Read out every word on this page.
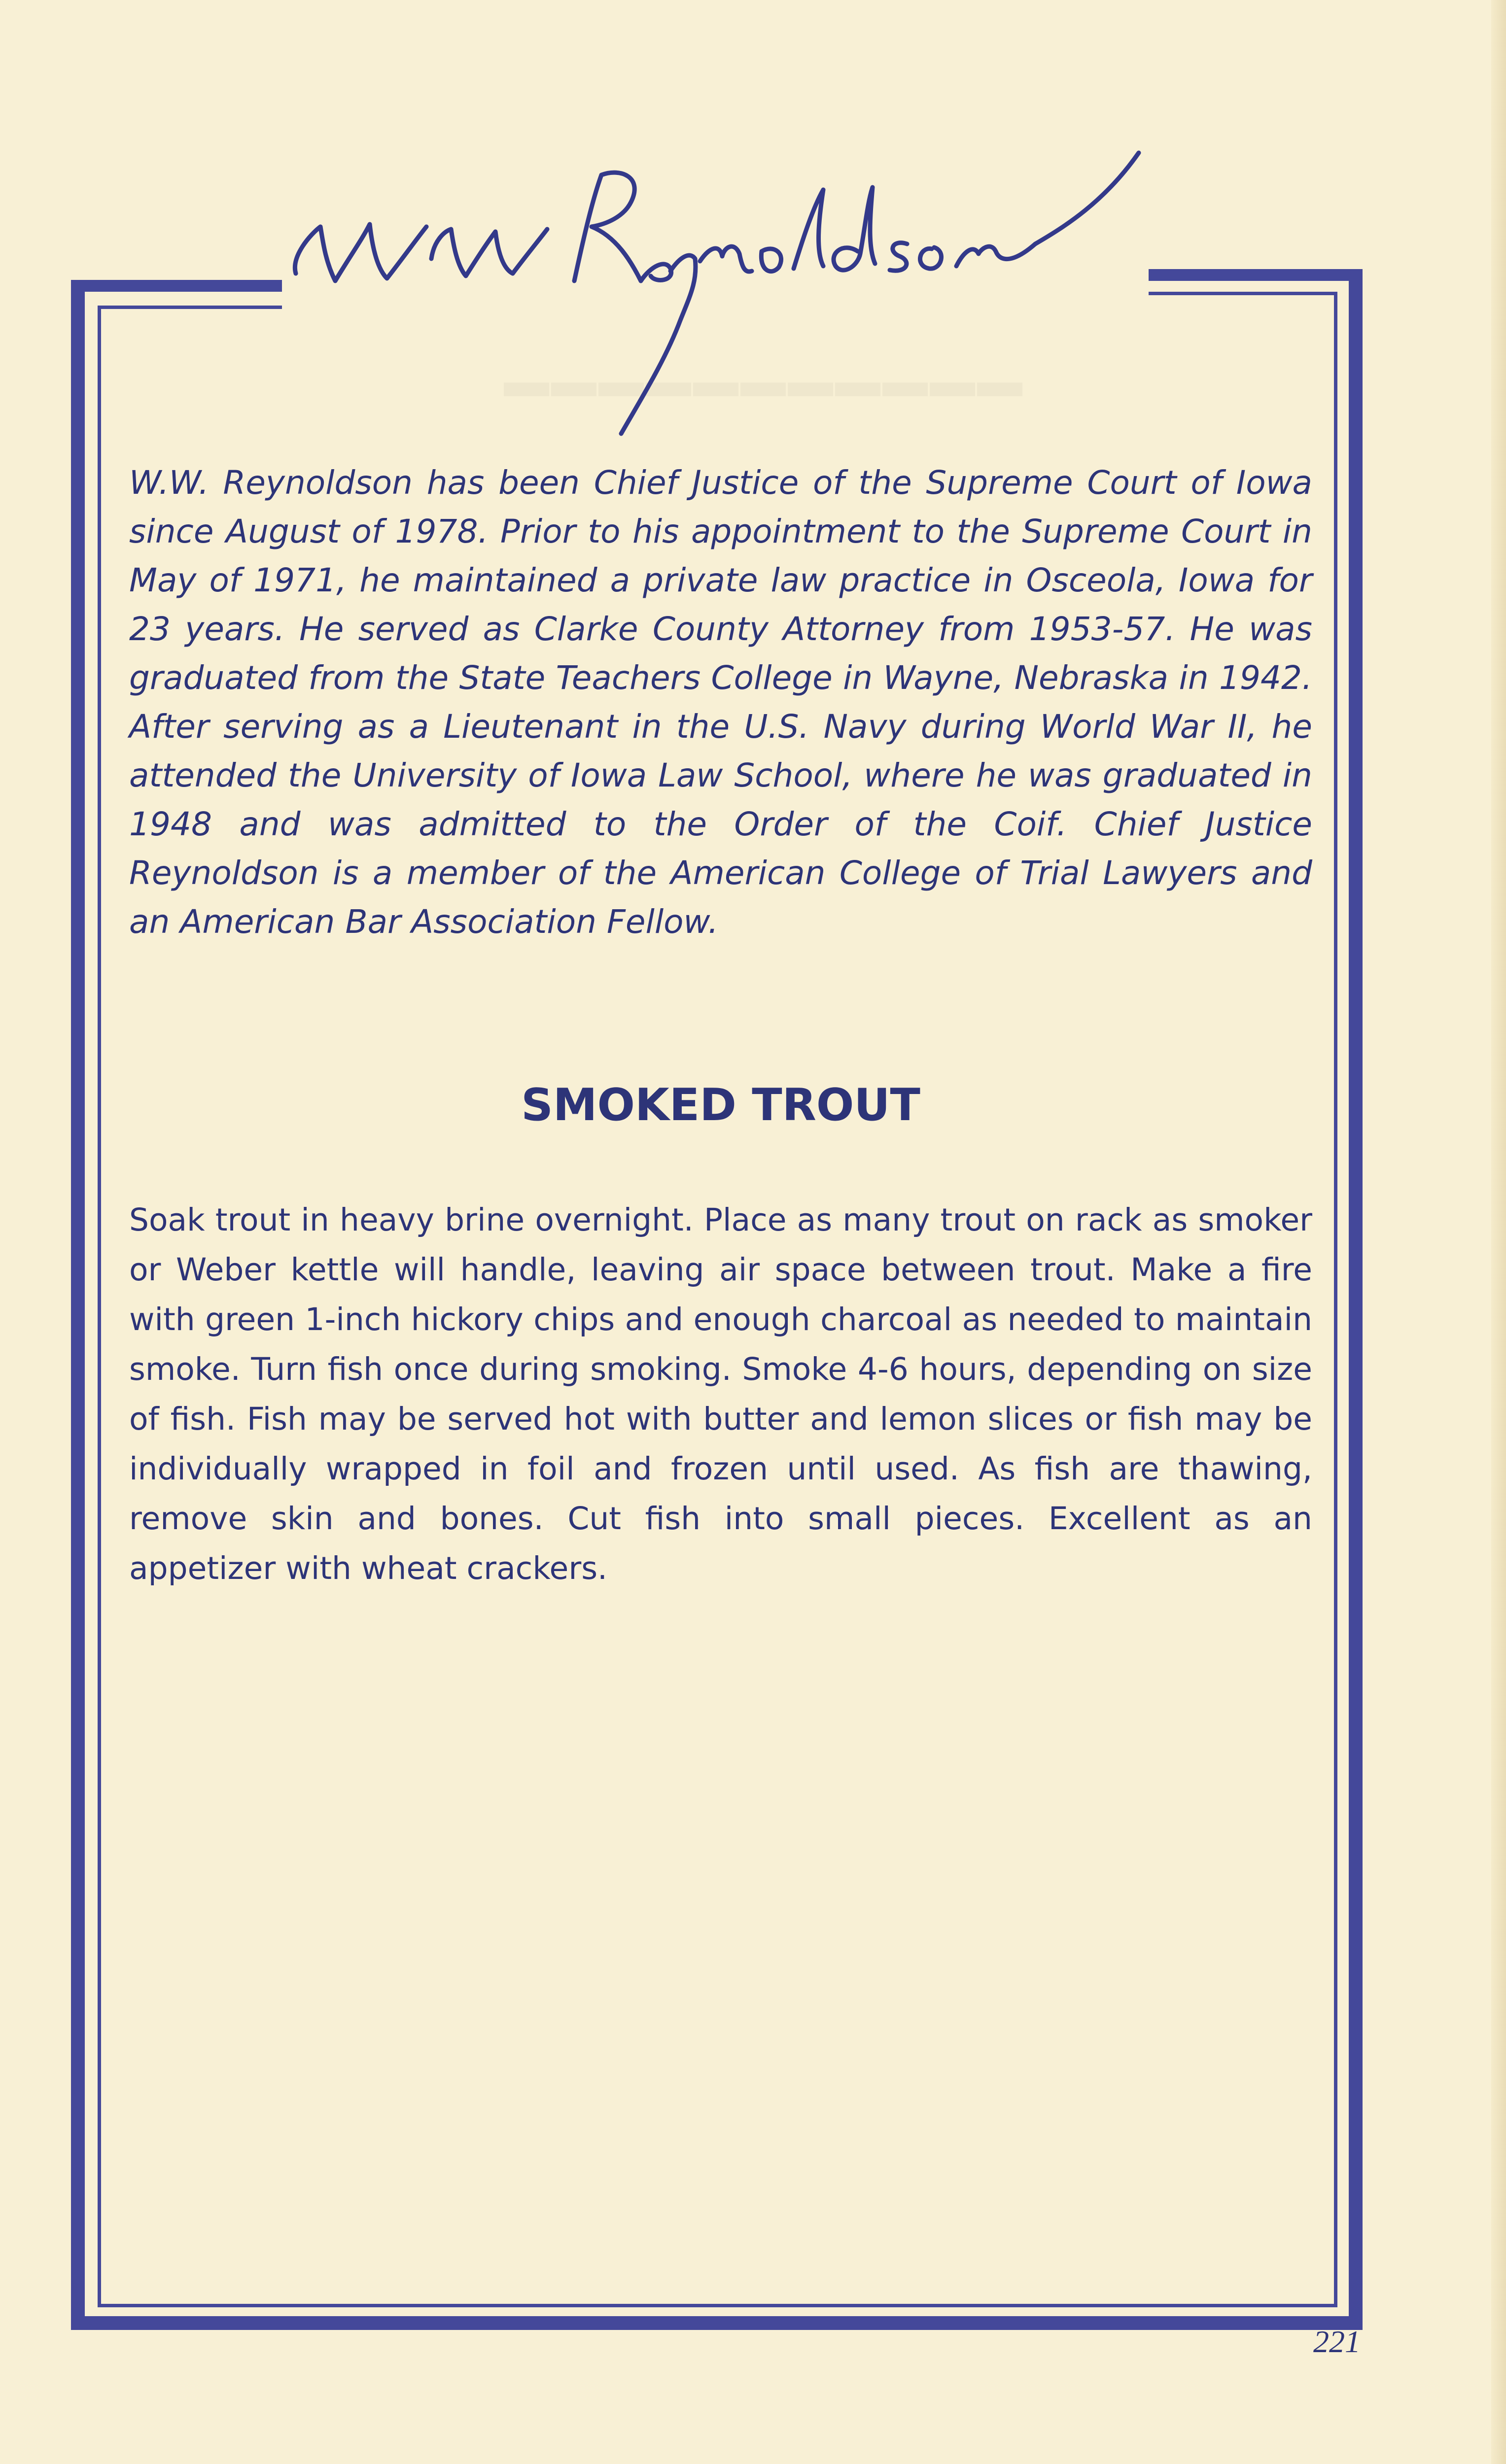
▬▬▬▬▬▬▬▬▬▬▬
W W Reynoldson

W.W. Reynoldson has been Chief Justice of the Supreme Court of Iowa since August of 1978. Prior to his appointment to the Supreme Court in May of 1971, he maintained a private law practice in Osceola, Iowa for 23 years. He served as Clarke County Attorney from 1953-57. He was graduated from the State Teachers College in Wayne, Nebraska in 1942. After serving as a Lieutenant in the U.S. Navy during World War II, he attended the University of Iowa Law School, where he was graduated in 1948 and was admitted to the Order of the Coif. Chief Justice Reynoldson is a member of the American College of Trial Lawyers and an American Bar Association Fellow.

SMOKED TROUT

Soak trout in heavy brine overnight. Place as many trout on rack as smoker or Weber kettle will handle, leaving air space between trout. Make a fire with green 1-inch hickory chips and enough charcoal as needed to maintain smoke. Turn fish once during smoking. Smoke 4-6 hours, depending on size of fish. Fish may be served hot with butter and lemon slices or fish may be individually wrapped in foil and frozen until used. As fish are thawing, remove skin and bones. Cut fish into small pieces. Excellent as an appetizer with wheat crackers.

221
